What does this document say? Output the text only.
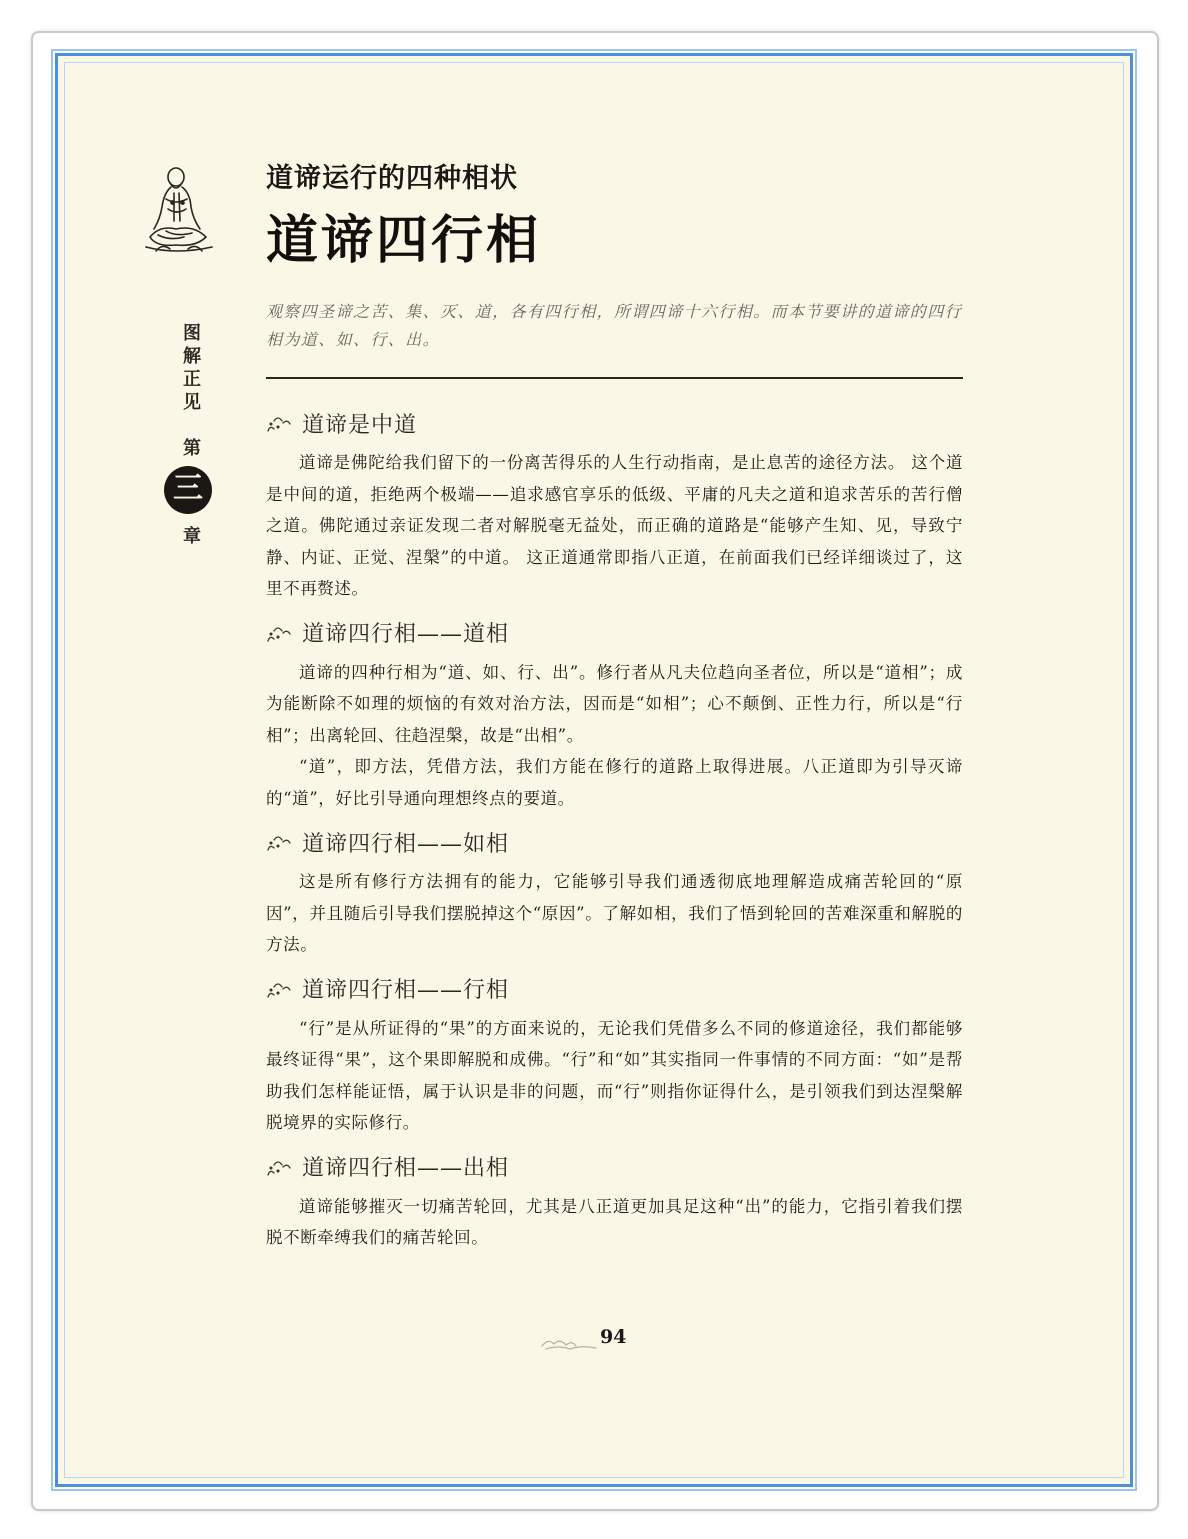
图解正见

第
三
章
道谛运行的四种相状
道谛四行相

观察四圣谛之苦、集、灭、道，各有四行相，所谓四谛十六行相。而本节要讲的道谛的四行相为道、如、行、出。

道谛是中道

道谛是佛陀给我们留下的一份离苦得乐的人生行动指南，是止息苦的途径方法。 这个道是中间的道，拒绝两个极端——追求感官享乐的低级、平庸的凡夫之道和追求苦乐的苦行僧之道。佛陀通过亲证发现二者对解脱毫无益处，而正确的道路是“能够产生知、见，导致宁静、内证、正觉、涅槃”的中道。 这正道通常即指八正道，在前面我们已经详细谈过了，这里不再赘述。

道谛四行相——道相

道谛的四种行相为“道、如、行、出”。修行者从凡夫位趋向圣者位，所以是“道相”；成为能断除不如理的烦恼的有效对治方法，因而是“如相”；心不颠倒、正性力行，所以是“行相”；出离轮回、往趋涅槃，故是“出相”。

“道”，即方法，凭借方法，我们方能在修行的道路上取得进展。八正道即为引导灭谛的“道”，好比引导通向理想终点的要道。

道谛四行相——如相

这是所有修行方法拥有的能力，它能够引导我们通透彻底地理解造成痛苦轮回的“原因”，并且随后引导我们摆脱掉这个“原因”。了解如相，我们了悟到轮回的苦难深重和解脱的方法。

道谛四行相——行相

“行”是从所证得的“果”的方面来说的，无论我们凭借多么不同的修道途径，我们都能够最终证得“果”，这个果即解脱和成佛。“行”和“如”其实指同一件事情的不同方面：“如”是帮助我们怎样能证悟，属于认识是非的问题，而“行”则指你证得什么，是引领我们到达涅槃解脱境界的实际修行。

道谛四行相——出相

道谛能够摧灭一切痛苦轮回，尤其是八正道更加具足这种“出”的能力，它指引着我们摆脱不断牵缚我们的痛苦轮回。

94
